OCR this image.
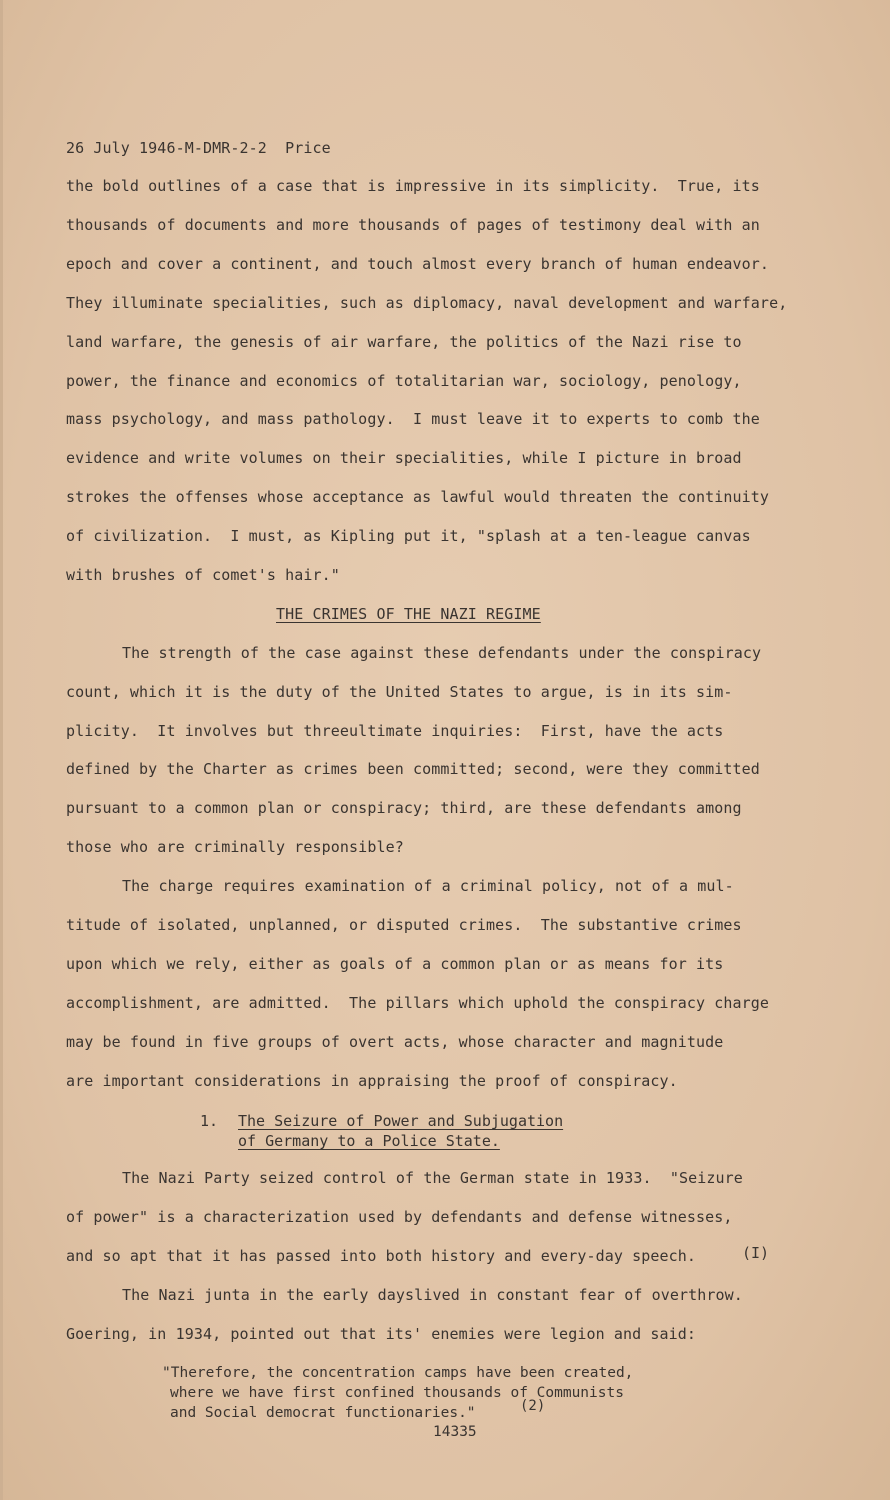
26 July 1946-M-DMR-2-2  Price
the bold outlines of a case that is impressive in its simplicity.  True, its
thousands of documents and more thousands of pages of testimony deal with an
epoch and cover a continent, and touch almost every branch of human endeavor.
They illuminate specialities, such as diplomacy, naval development and warfare,
land warfare, the genesis of air warfare, the politics of the Nazi rise to
power, the finance and economics of totalitarian war, sociology, penology,
mass psychology, and mass pathology.  I must leave it to experts to comb the
evidence and write volumes on their specialities, while I picture in broad
strokes the offenses whose acceptance as lawful would threaten the continuity
of civilization.  I must, as Kipling put it, "splash at a ten-league canvas
with brushes of comet's hair."
THE CRIMES OF THE NAZI REGIME
The strength of the case against these defendants under the conspiracy
count, which it is the duty of the United States to argue, is in its sim-
plicity.  It involves but threeultimate inquiries:  First, have the acts
defined by the Charter as crimes been committed; second, were they committed
pursuant to a common plan or conspiracy; third, are these defendants among
those who are criminally responsible?
The charge requires examination of a criminal policy, not of a mul-
titude of isolated, unplanned, or disputed crimes.  The substantive crimes
upon which we rely, either as goals of a common plan or as means for its
accomplishment, are admitted.  The pillars which uphold the conspiracy charge
may be found in five groups of overt acts, whose character and magnitude
are important considerations in appraising the proof of conspiracy.

1.

The Seizure of Power and Subjugation

of Germany to a Police State.

The Nazi Party seized control of the German state in 1933.  "Seizure
of power" is a characterization used by defendants and defense witnesses,
and so apt that it has passed into both history and every-day speech.	(I)
The Nazi junta in the early dayslived in constant fear of overthrow.
Goering, in 1934, pointed out that its' enemies were legion and said:
"Therefore, the concentration camps have been created,
where we have first confined thousands of Communists
and Social democrat functionaries."	(2)
14335
